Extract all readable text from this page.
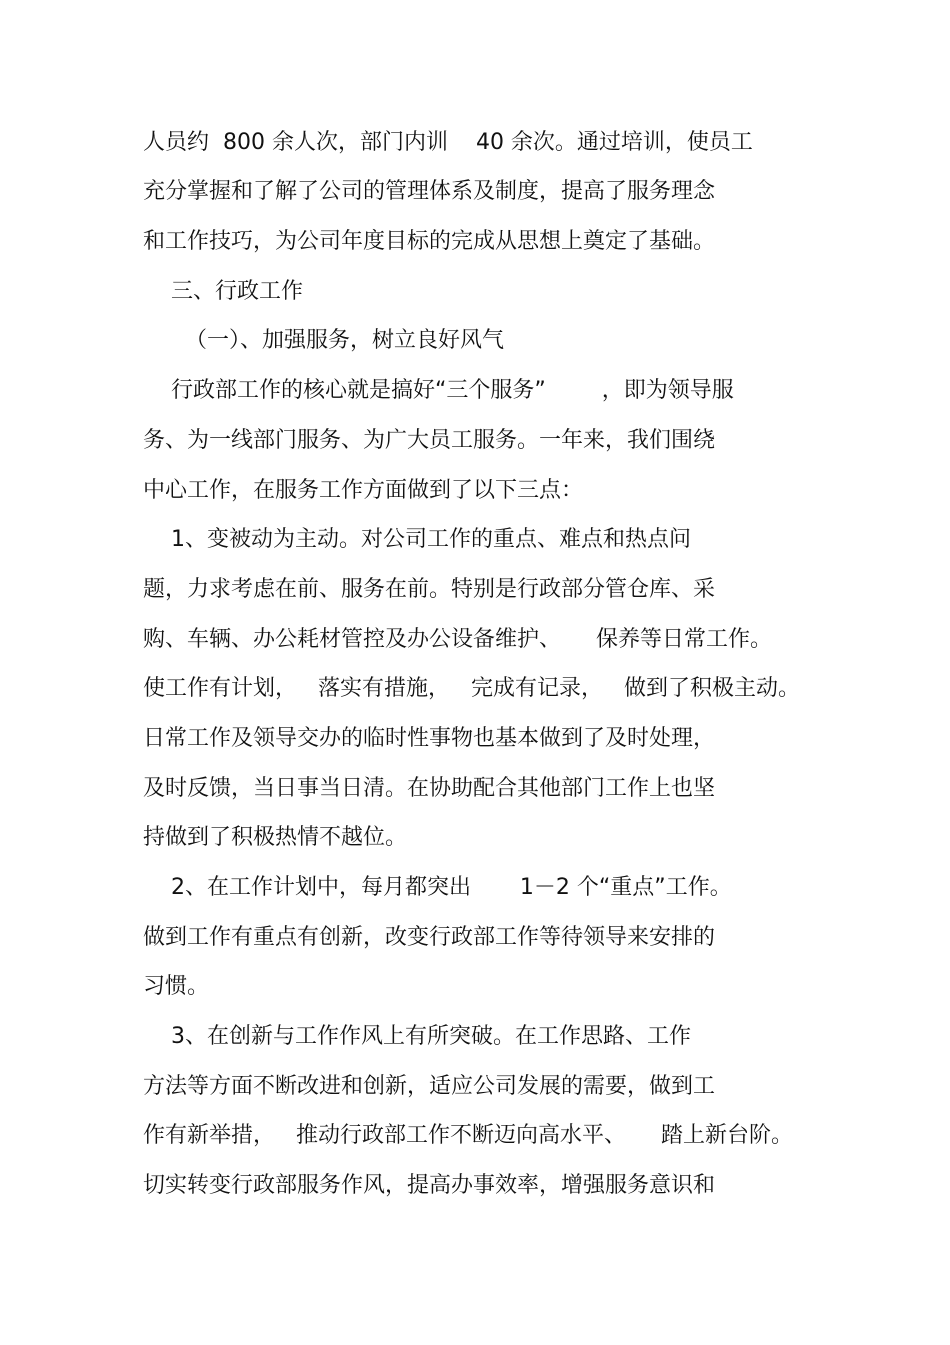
人员约  800 余人次，部门内训    40 余次。通过培训，使员工
充分掌握和了解了公司的管理体系及制度，提高了服务理念
和工作技巧，为公司年度目标的完成从思想上奠定了基础。
三、行政工作
（一）、加强服务，树立良好风气
行政部工作的核心就是搞好“三个服务”        ，即为领导服
务、为一线部门服务、为广大员工服务。一年来，我们围绕
中心工作，在服务工作方面做到了以下三点：
1、变被动为主动。对公司工作的重点、难点和热点问
题，力求考虑在前、服务在前。特别是行政部分管仓库、采
购、车辆、办公耗材管控及办公设备维护、     保养等日常工作。
使工作有计划，   落实有措施，   完成有记录，   做到了积极主动。
日常工作及领导交办的临时性事物也基本做到了及时处理，
及时反馈，当日事当日清。在协助配合其他部门工作上也坚
持做到了积极热情不越位。
2、在工作计划中，每月都突出       1－2 个“重点”工作。
做到工作有重点有创新，改变行政部工作等待领导来安排的
习惯。
3、在创新与工作作风上有所突破。在工作思路、工作
方法等方面不断改进和创新，适应公司发展的需要，做到工
作有新举措，   推动行政部工作不断迈向高水平、     踏上新台阶。
切实转变行政部服务作风，提高办事效率，增强服务意识和
